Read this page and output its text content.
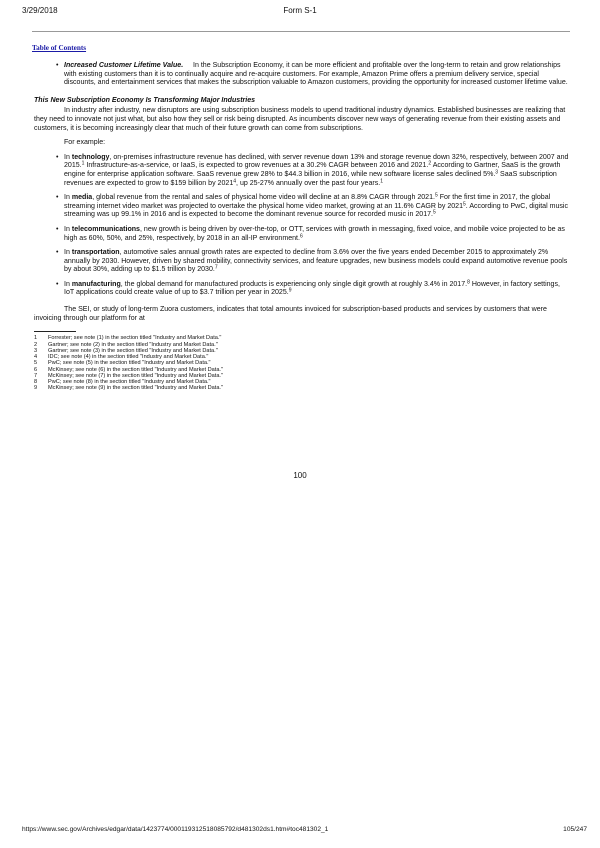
3/29/2018	Form S-1
Table of Contents
• Increased Customer Lifetime Value. In the Subscription Economy, it can be more efficient and profitable over the long-term to retain and grow relationships with existing customers than it is to continually acquire and re-acquire customers. For example, Amazon Prime offers a premium delivery service, special discounts, and entertainment services that makes the subscription valuable to Amazon customers, providing the opportunity for increased customer lifetime value.
This New Subscription Economy Is Transforming Major Industries

In industry after industry, new disruptors are using subscription business models to upend traditional industry dynamics. Established businesses are realizing that they need to innovate not just what, but also how they sell or risk being disrupted. As incumbents discover new ways of generating revenue from their existing assets and customers, it is becoming increasingly clear that much of their future growth can come from subscriptions.

For example:

• In technology, on-premises infrastructure revenue has declined, with server revenue down 13% and storage revenue down 32%, respectively, between 2007 and 2015.$^1$ Infrastructure-as-a-service, or IaaS, is expected to grow revenues at a 30.2% CAGR between 2016 and 2021.$^2$ According to Gartner, SaaS is the growth engine for enterprise application software. SaaS revenue grew 28% to $44.3 billion in 2016, while new software license sales declined 5%.$^3$ SaaS subscription revenues are expected to grow to $159 billion by 2021$^4$, up 25-27% annually over the past four years.$^1$
• In media, global revenue from the rental and sales of physical home video will decline at an 8.8% CAGR through 2021.$^5$ For the first time in 2017, the global streaming internet video market was projected to overtake the physical home video market, growing at an 11.6% CAGR by 2021$^5$. According to PwC, digital music streaming was up 99.1% in 2016 and is expected to become the dominant revenue source for recorded music in 2017.$^5$
• In telecommunications, new growth is being driven by over-the-top, or OTT, services with growth in messaging, fixed voice, and mobile voice projected to be as high as 60%, 50%, and 25%, respectively, by 2018 in an all-IP environment.$^6$
• In transportation, automotive sales annual growth rates are expected to decline from 3.6% over the five years ended December 2015 to approximately 2% annually by 2030. However, driven by shared mobility, connectivity services, and feature upgrades, new business models could expand automotive revenue pools by about 30%, adding up to $1.5 trillion by 2030.$^7$
• In manufacturing, the global demand for manufactured products is experiencing only single digit growth at roughly 3.4% in 2017.$^8$ However, in factory settings, IoT applications could create value of up to $3.7 trillion per year in 2025.$^9$

The SEI, or study of long-term Zuora customers, indicates that total amounts invoiced for subscription-based products and services by customers that were invoicing through our platform for at

1	Forrester; see note (1) in the section titled "Industry and Market Data."
2	Gartner; see note (2) in the section titled "Industry and Market Data."
3	Gartner; see note (3) in the section titled "Industry and Market Data."
4	IDC; see note (4) in the section titled "Industry and Market Data."
5	PwC; see note (5) in the section titled "Industry and Market Data."
6	McKinsey; see note (6) in the section titled "Industry and Market Data."
7	McKinsey; see note (7) in the section titled "Industry and Market Data."
8	PwC; see note (8) in the section titled "Industry and Market Data."
9	McKinsey; see note (9) in the section titled "Industry and Market Data."
100
https://www.sec.gov/Archives/edgar/data/1423774/000119312518085792/d481302ds1.htm#toc481302_1	105/247
